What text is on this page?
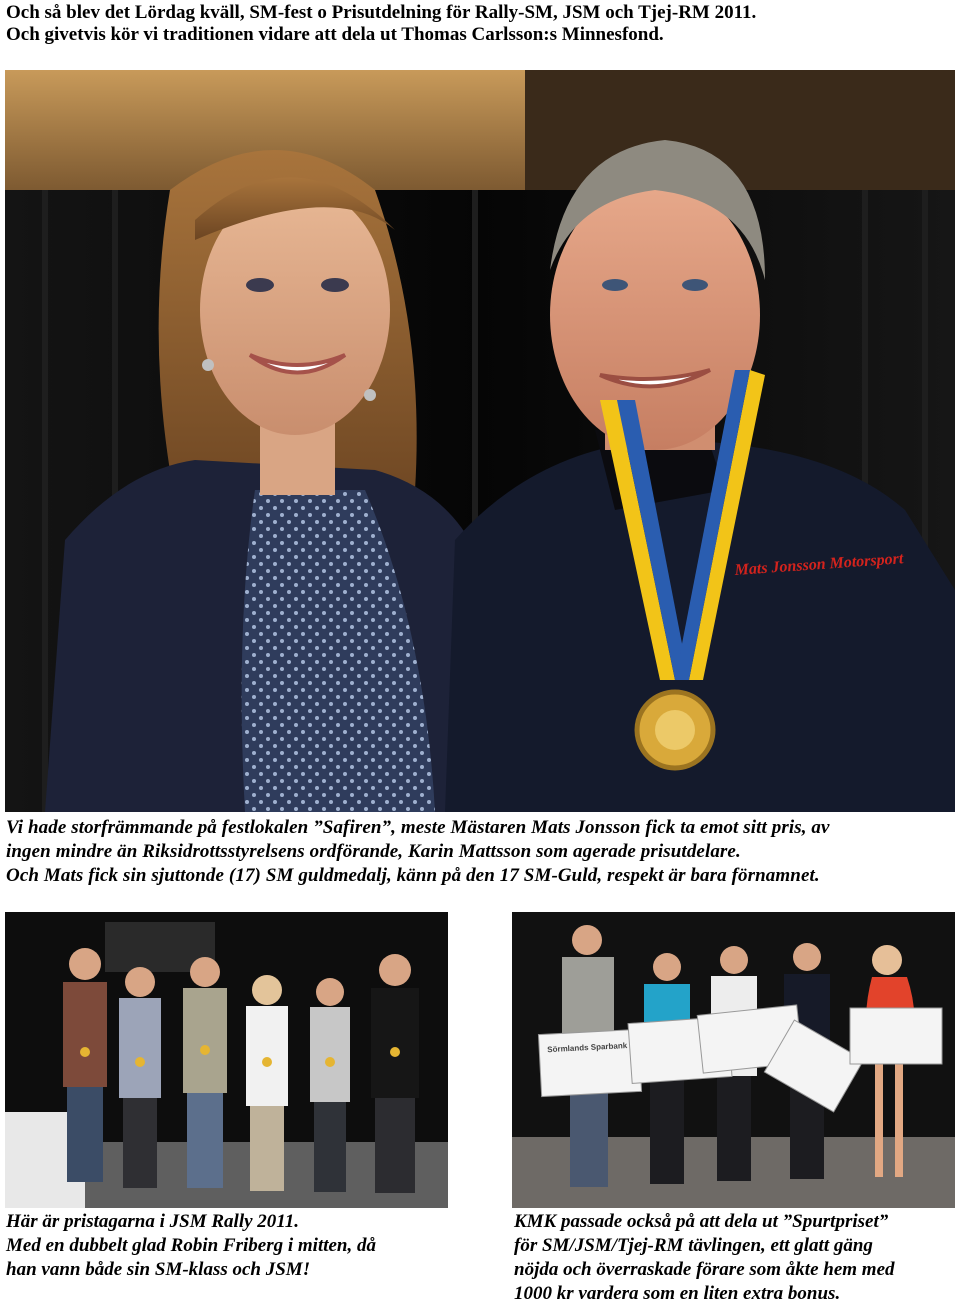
Och så blev det Lördag kväll, SM-fest o Prisutdelning för Rally-SM, JSM och Tjej-RM 2011.

Och givetvis kör vi traditionen vidare att dela ut Thomas Carlsson:s Minnesfond.

Mats Jonsson Motorsport

Vi hade storfrämmande på festlokalen ”Safiren”, meste Mästaren Mats Jonsson fick ta emot sitt pris, av

ingen mindre än Riksidrottsstyrelsens ordförande, Karin Mattsson som agerade prisutdelare.

Och Mats fick sin sjuttonde (17) SM guldmedalj, känn på den 17 SM-Guld, respekt är bara förnamnet.

Sörmlands Sparbank

Här är pristagarna i JSM Rally 2011.

Med en dubbelt glad Robin Friberg i mitten, då

han vann både sin SM-klass och JSM!

KMK passade också på att dela ut ”Spurtpriset”

för SM/JSM/Tjej-RM tävlingen, ett glatt gäng

nöjda och överraskade förare som åkte hem med

1000 kr vardera som en liten extra bonus.
